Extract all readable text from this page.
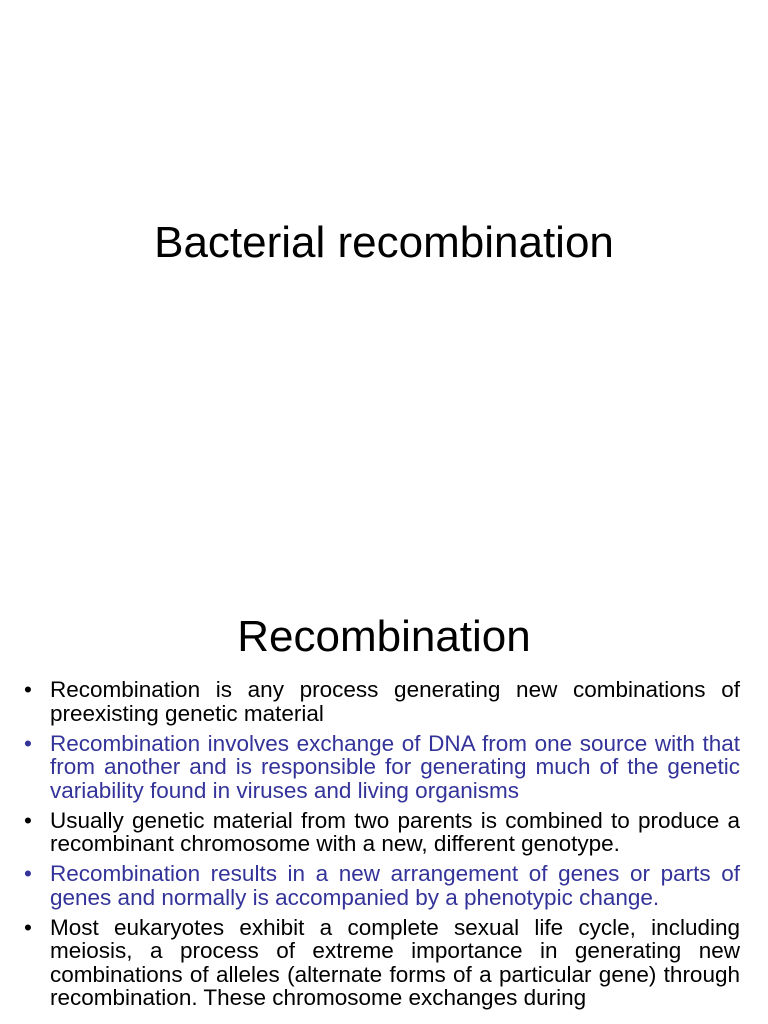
Bacterial recombination
Recombination
• Recombination is any process generating new combinations of preexisting genetic material
• Recombination involves exchange of DNA from one source with that from another and is responsible for generating much of the genetic variability found in viruses and living organisms
• Usually genetic material from two parents is combined to produce a recombinant chromosome with a new, different genotype.
• Recombination results in a new arrangement of genes or parts of genes and normally is accompanied by a phenotypic change.
• Most eukaryotes exhibit a complete sexual life cycle, including meiosis, a process of extreme importance in generating new combinations of alleles (alternate forms of a particular gene) through recombination. These chromosome exchanges during
